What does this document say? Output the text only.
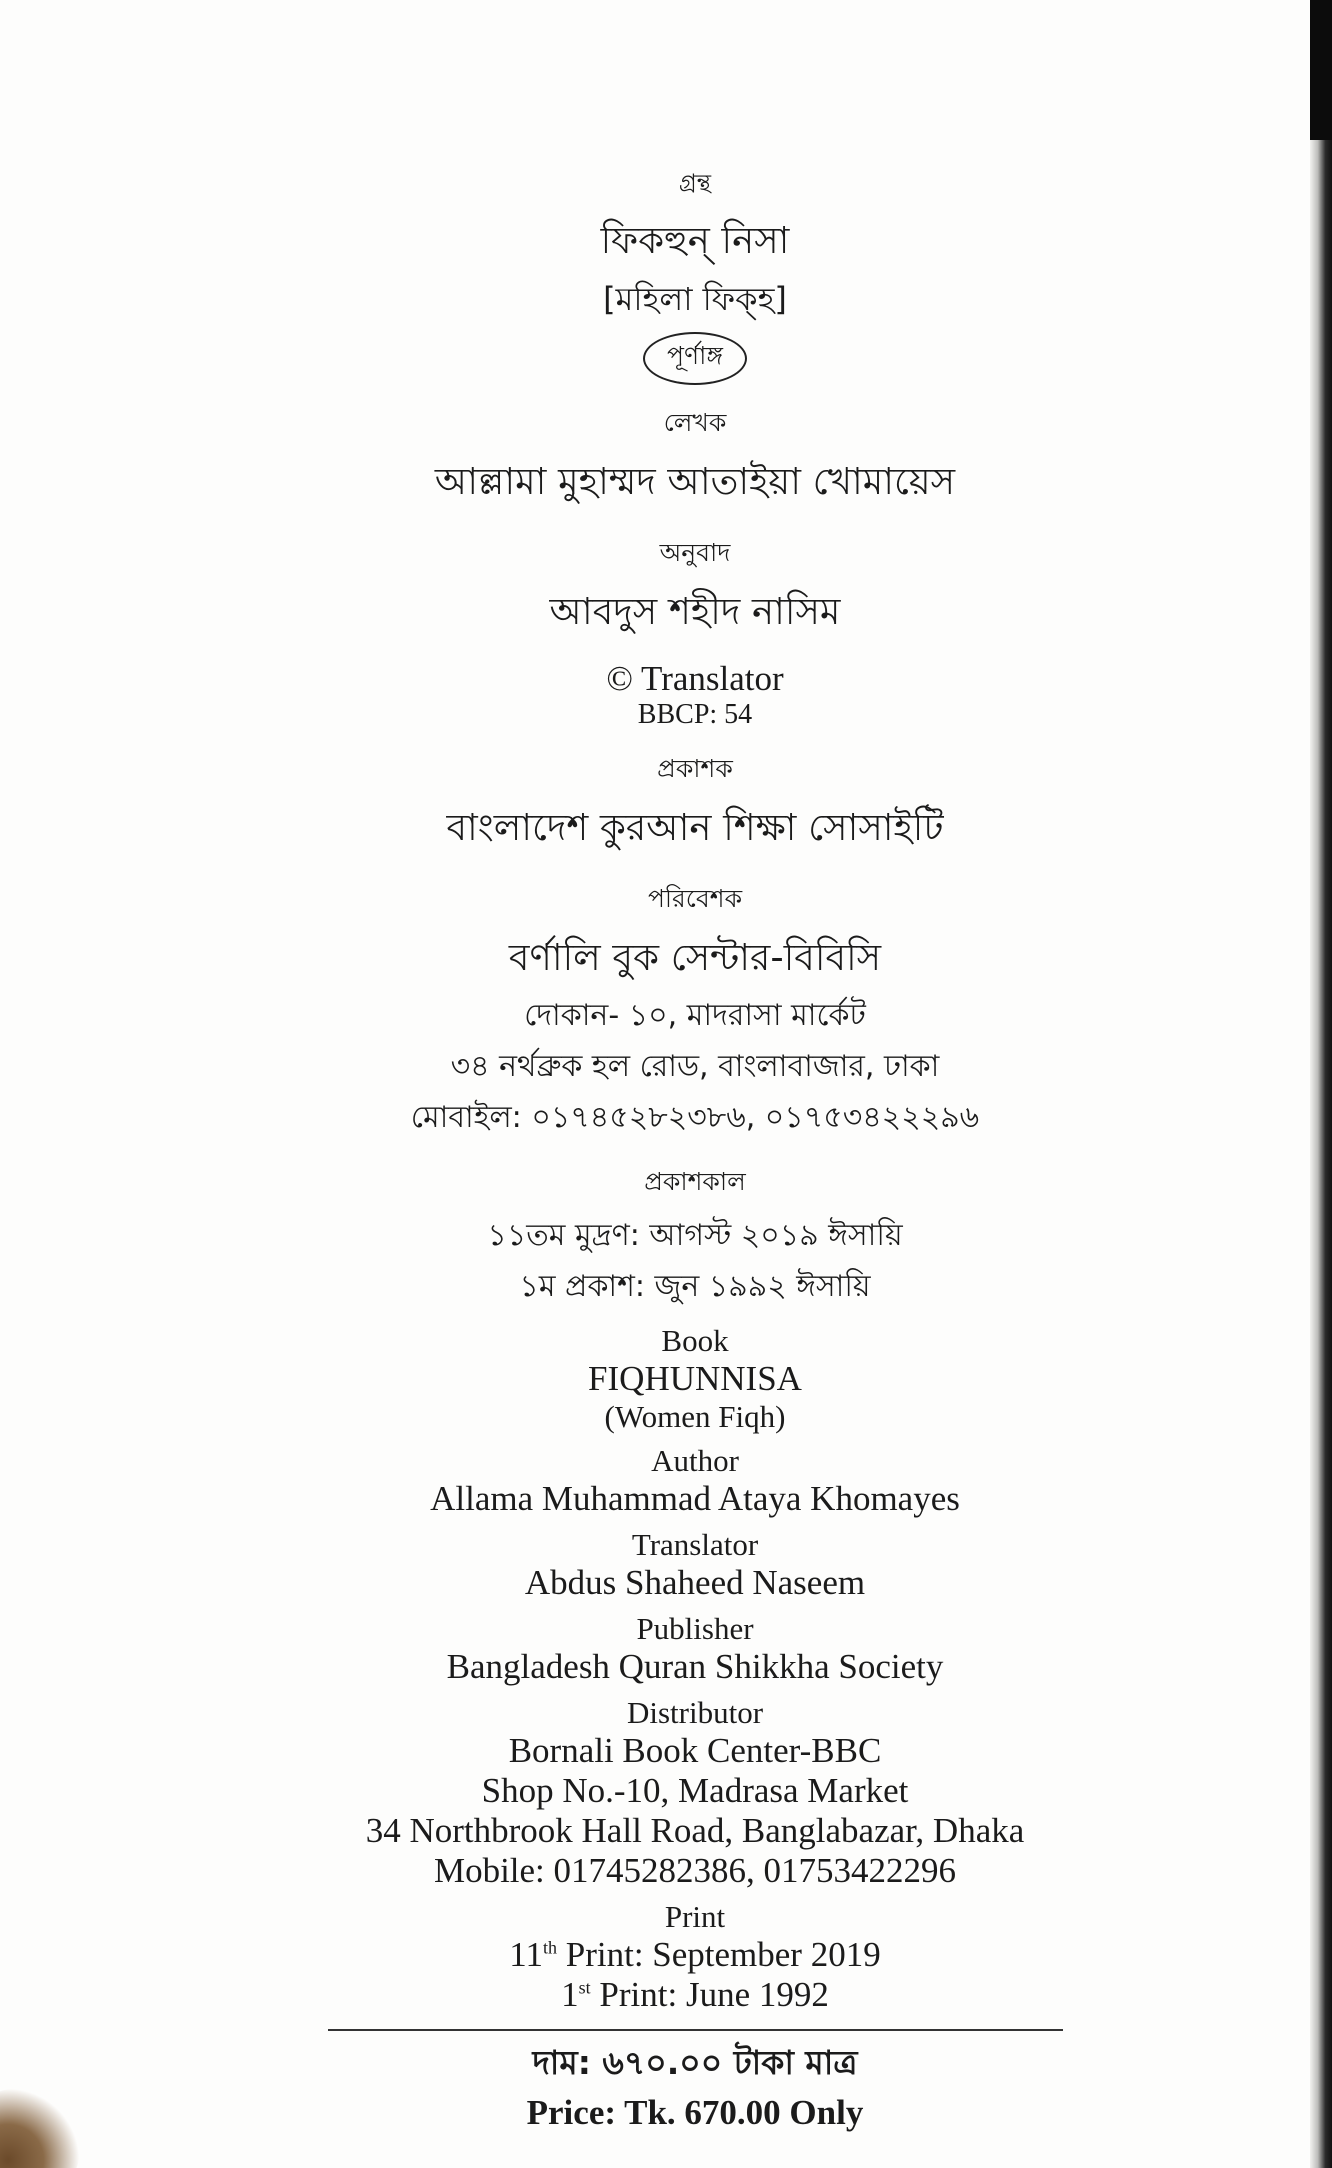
গ্রন্থ
ফিকহুন্ নিসা
[মহিলা ফিক্হ]
পূর্ণাঙ্গ
লেখক
আল্লামা মুহাম্মদ আতাইয়া খোমায়েস
অনুবাদ
আবদুস শহীদ নাসিম
© Translator
BBCP: 54
প্রকাশক
বাংলাদেশ কুরআন শিক্ষা সোসাইটি
পরিবেশক
বর্ণালি বুক সেন্টার-বিবিসি
দোকান- ১০, মাদরাসা মার্কেট
৩৪ নর্থব্রুক হল রোড, বাংলাবাজার, ঢাকা
মোবাইল: ০১৭৪৫২৮২৩৮৬, ০১৭৫৩৪২২২৯৬
প্রকাশকাল
১১তম মুদ্রণ: আগস্ট ২০১৯ ঈসায়ি
১ম প্রকাশ: জুন ১৯৯২ ঈসায়ি
Book
FIQHUNNISA
(Women Fiqh)
Author
Allama Muhammad Ataya Khomayes
Translator
Abdus Shaheed Naseem
Publisher
Bangladesh Quran Shikkha Society
Distributor
Bornali Book Center-BBC
Shop No.-10, Madrasa Market
34 Northbrook Hall Road, Banglabazar, Dhaka
Mobile: 01745282386, 01753422296
Print
11th Print: September 2019
1st Print: June 1992
দাম: ৬৭০.০০ টাকা মাত্র
Price: Tk. 670.00 Only
